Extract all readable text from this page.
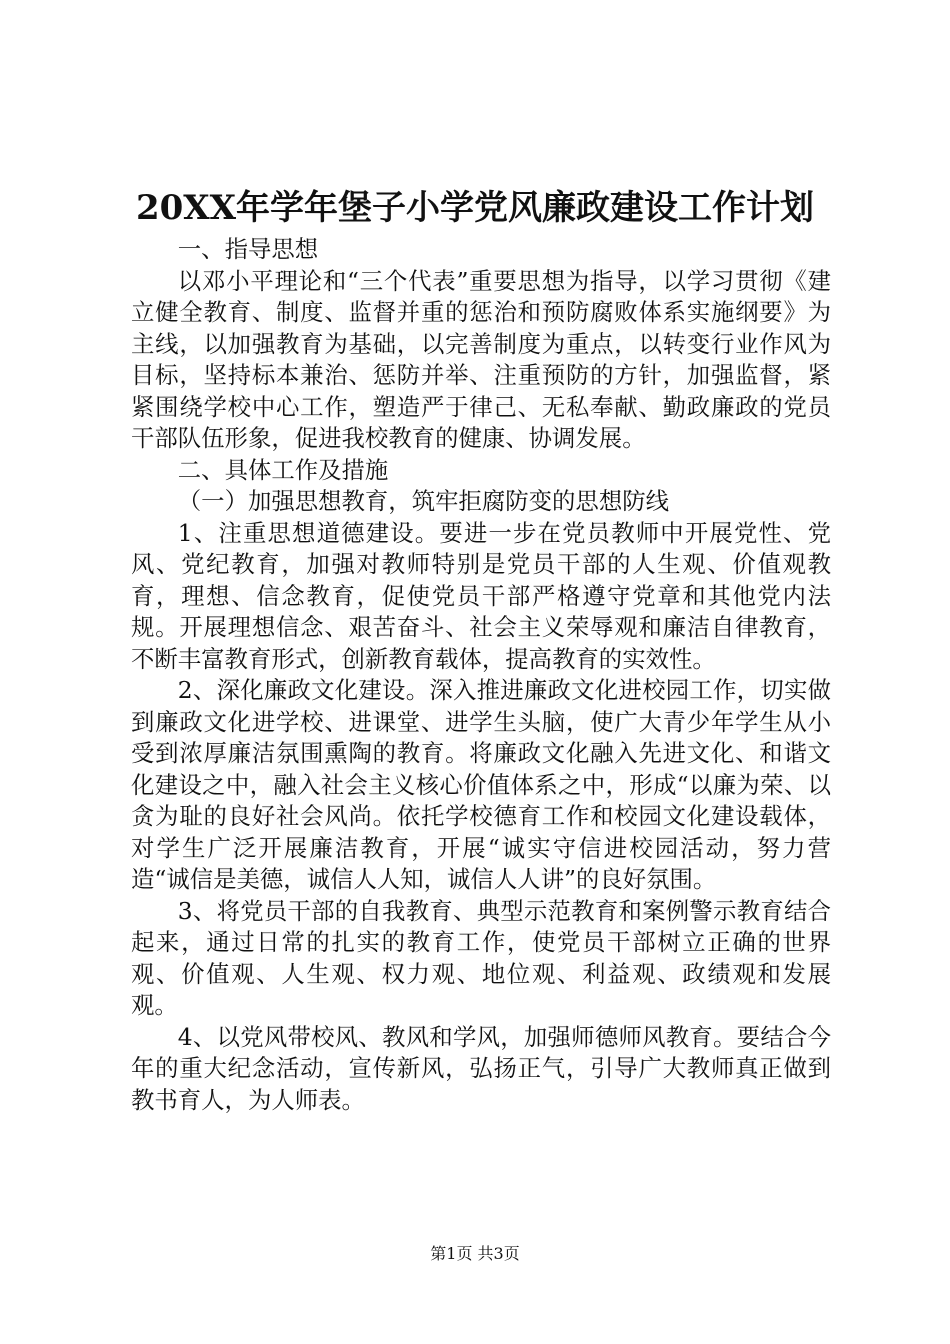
20XX年学年堡子小学党风廉政建设工作计划

一、指导思想

以邓小平理论和“三个代表”重要思想为指导，以学习贯彻《建立健全教育、制度、监督并重的惩治和预防腐败体系实施纲要》为主线，以加强教育为基础，以完善制度为重点，以转变行业作风为目标，坚持标本兼治、惩防并举、注重预防的方针，加强监督，紧紧围绕学校中心工作，塑造严于律己、无私奉献、勤政廉政的党员干部队伍形象，促进我校教育的健康、协调发展。

二、具体工作及措施

（一）加强思想教育，筑牢拒腐防变的思想防线

1、注重思想道德建设。要进一步在党员教师中开展党性、党风、党纪教育，加强对教师特别是党员干部的人生观、价值观教育，理想、信念教育，促使党员干部严格遵守党章和其他党内法规。开展理想信念、艰苦奋斗、社会主义荣辱观和廉洁自律教育，不断丰富教育形式，创新教育载体，提高教育的实效性。

2、深化廉政文化建设。深入推进廉政文化进校园工作，切实做到廉政文化进学校、进课堂、进学生头脑，使广大青少年学生从小受到浓厚廉洁氛围熏陶的教育。将廉政文化融入先进文化、和谐文化建设之中，融入社会主义核心价值体系之中，形成“以廉为荣、以贪为耻的良好社会风尚。依托学校德育工作和校园文化建设载体，对学生广泛开展廉洁教育，开展“诚实守信进校园活动，努力营造“诚信是美德，诚信人人知，诚信人人讲”的良好氛围。

3、将党员干部的自我教育、典型示范教育和案例警示教育结合起来，通过日常的扎实的教育工作，使党员干部树立正确的世界观、价值观、人生观、权力观、地位观、利益观、政绩观和发展观。

4、以党风带校风、教风和学风，加强师德师风教育。要结合今年的重大纪念活动，宣传新风，弘扬正气，引导广大教师真正做到教书育人，为人师表。

第1页 共3页
